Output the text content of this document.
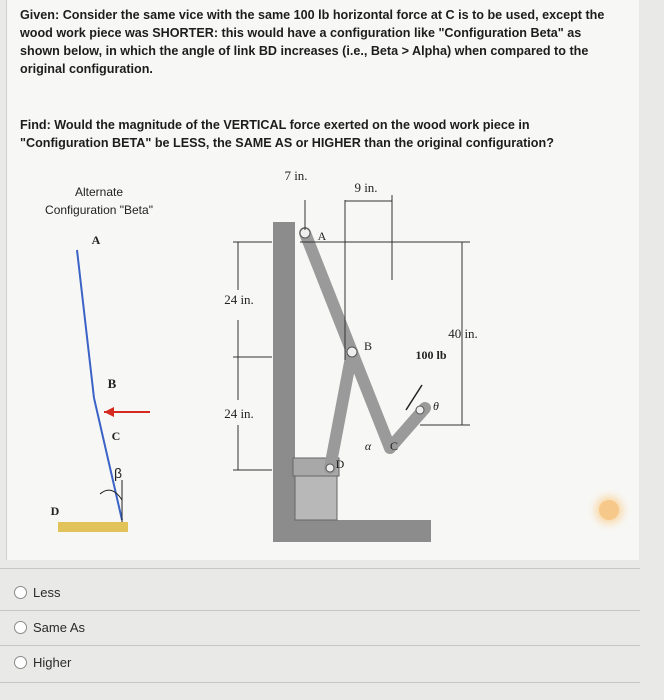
Given: Consider the same vice with the same 100 lb horizontal force at C is to be used, except the wood work piece was SHORTER: this would have a configuration like "Configuration Beta" as shown below, in which the angle of link BD increases (i.e., Beta > Alpha) when compared to the original configuration.

Find: Would the magnitude of the VERTICAL force exerted on the wood work piece in "Configuration BETA" be LESS, the SAME AS or HIGHER than the original configuration?

Alternate
Configuration "Beta"
A
B
C
β
D
24 in.
24 in.
7 in.
9 in.
A
40 in.
100 lb
θ
B
C
α
D
Less
Same As
Higher
